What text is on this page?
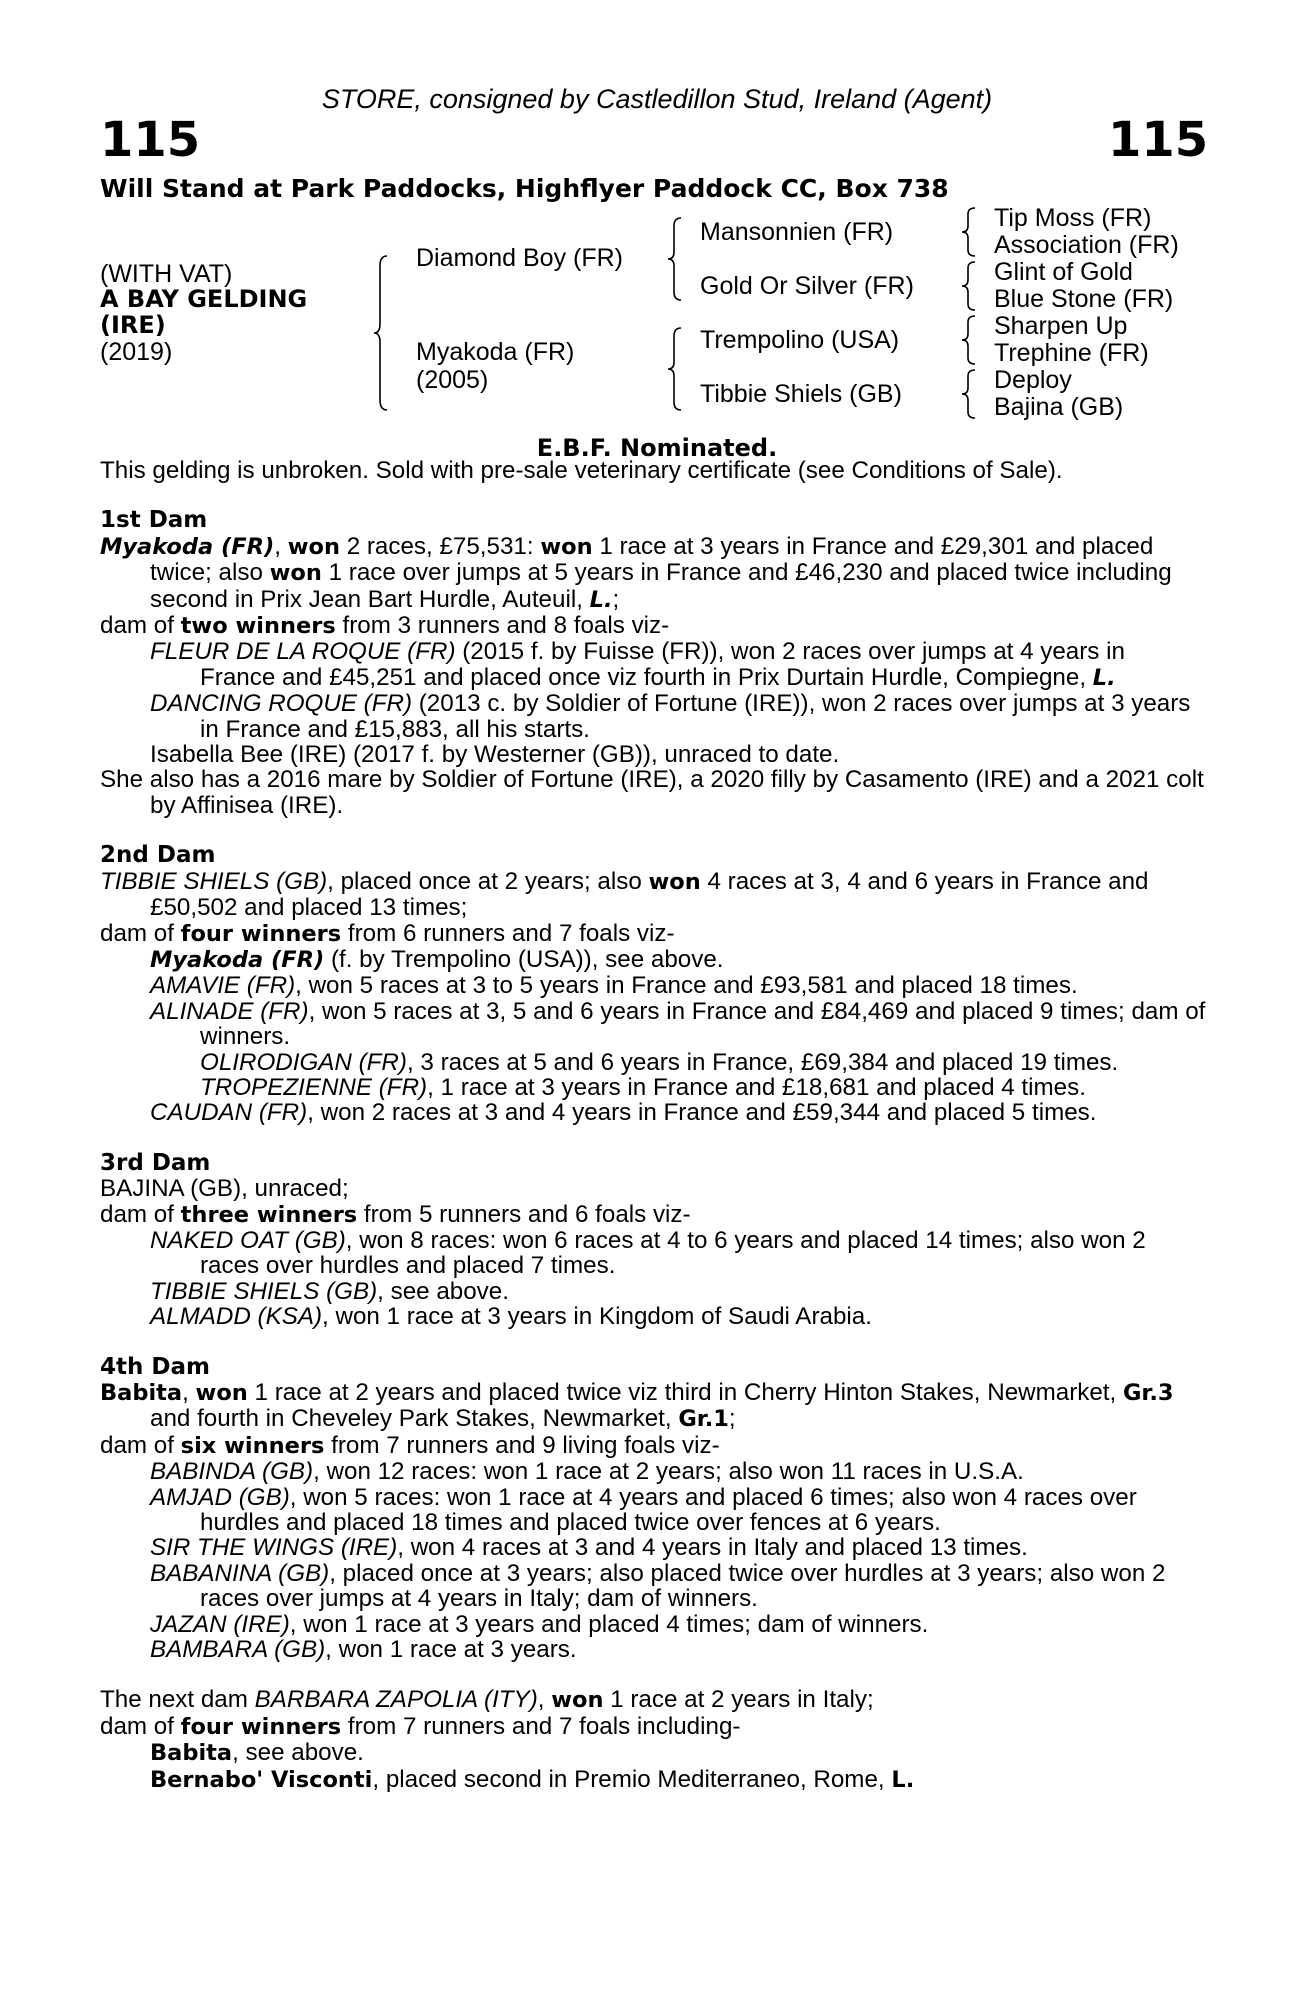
STORE, consigned by Castledillon Stud, Ireland (Agent)
115	115
Will Stand at Park Paddocks, Highflyer Paddock CC, Box 738
(WITH VAT)
A BAY GELDING
(IRE)
(2019)
Diamond Boy (FR)
Myakoda (FR)
(2005)
Mansonnien (FR)
Gold Or Silver (FR)
Trempolino (USA)
Tibbie Shiels (GB)
Tip Moss (FR)
Association (FR)
Glint of Gold
Blue Stone (FR)
Sharpen Up
Trephine (FR)
Deploy
Bajina (GB)
E.B.F. Nominated.

This gelding is unbroken. Sold with pre-sale veterinary certificate (see Conditions of Sale).

1st Dam

Myakoda (FR), won 2 races, £75,531: won 1 race at 3 years in France and £29,301 and placed twice; also won 1 race over jumps at 5 years in France and £46,230 and placed twice including second in Prix Jean Bart Hurdle, Auteuil, L.;

dam of two winners from 3 runners and 8 foals viz-

FLEUR DE LA ROQUE (FR) (2015 f. by Fuisse (FR)), won 2 races over jumps at 4 years in France and £45,251 and placed once viz fourth in Prix Durtain Hurdle, Compiegne, L.

DANCING ROQUE (FR) (2013 c. by Soldier of Fortune (IRE)), won 2 races over jumps at 3 years in France and £15,883, all his starts.

Isabella Bee (IRE) (2017 f. by Westerner (GB)), unraced to date.

She also has a 2016 mare by Soldier of Fortune (IRE), a 2020 filly by Casamento (IRE) and a 2021 colt by Affinisea (IRE).

2nd Dam

TIBBIE SHIELS (GB), placed once at 2 years; also won 4 races at 3, 4 and 6 years in France and £50,502 and placed 13 times;

dam of four winners from 6 runners and 7 foals viz-

Myakoda (FR) (f. by Trempolino (USA)), see above.

AMAVIE (FR), won 5 races at 3 to 5 years in France and £93,581 and placed 18 times.

ALINADE (FR), won 5 races at 3, 5 and 6 years in France and £84,469 and placed 9 times; dam of winners.

OLIRODIGAN (FR), 3 races at 5 and 6 years in France, £69,384 and placed 19 times.

TROPEZIENNE (FR), 1 race at 3 years in France and £18,681 and placed 4 times.

CAUDAN (FR), won 2 races at 3 and 4 years in France and £59,344 and placed 5 times.

3rd Dam

BAJINA (GB), unraced;

dam of three winners from 5 runners and 6 foals viz-

NAKED OAT (GB), won 8 races: won 6 races at 4 to 6 years and placed 14 times; also won 2 races over hurdles and placed 7 times.

TIBBIE SHIELS (GB), see above.

ALMADD (KSA), won 1 race at 3 years in Kingdom of Saudi Arabia.

4th Dam

Babita, won 1 race at 2 years and placed twice viz third in Cherry Hinton Stakes, Newmarket, Gr.3 and fourth in Cheveley Park Stakes, Newmarket, Gr.1;

dam of six winners from 7 runners and 9 living foals viz-

BABINDA (GB), won 12 races: won 1 race at 2 years; also won 11 races in U.S.A.

AMJAD (GB), won 5 races: won 1 race at 4 years and placed 6 times; also won 4 races over hurdles and placed 18 times and placed twice over fences at 6 years.

SIR THE WINGS (IRE), won 4 races at 3 and 4 years in Italy and placed 13 times.

BABANINA (GB), placed once at 3 years; also placed twice over hurdles at 3 years; also won 2 races over jumps at 4 years in Italy; dam of winners.

JAZAN (IRE), won 1 race at 3 years and placed 4 times; dam of winners.

BAMBARA (GB), won 1 race at 3 years.

The next dam BARBARA ZAPOLIA (ITY), won 1 race at 2 years in Italy;

dam of four winners from 7 runners and 7 foals including-

Babita, see above.

Bernabo' Visconti, placed second in Premio Mediterraneo, Rome, L.
